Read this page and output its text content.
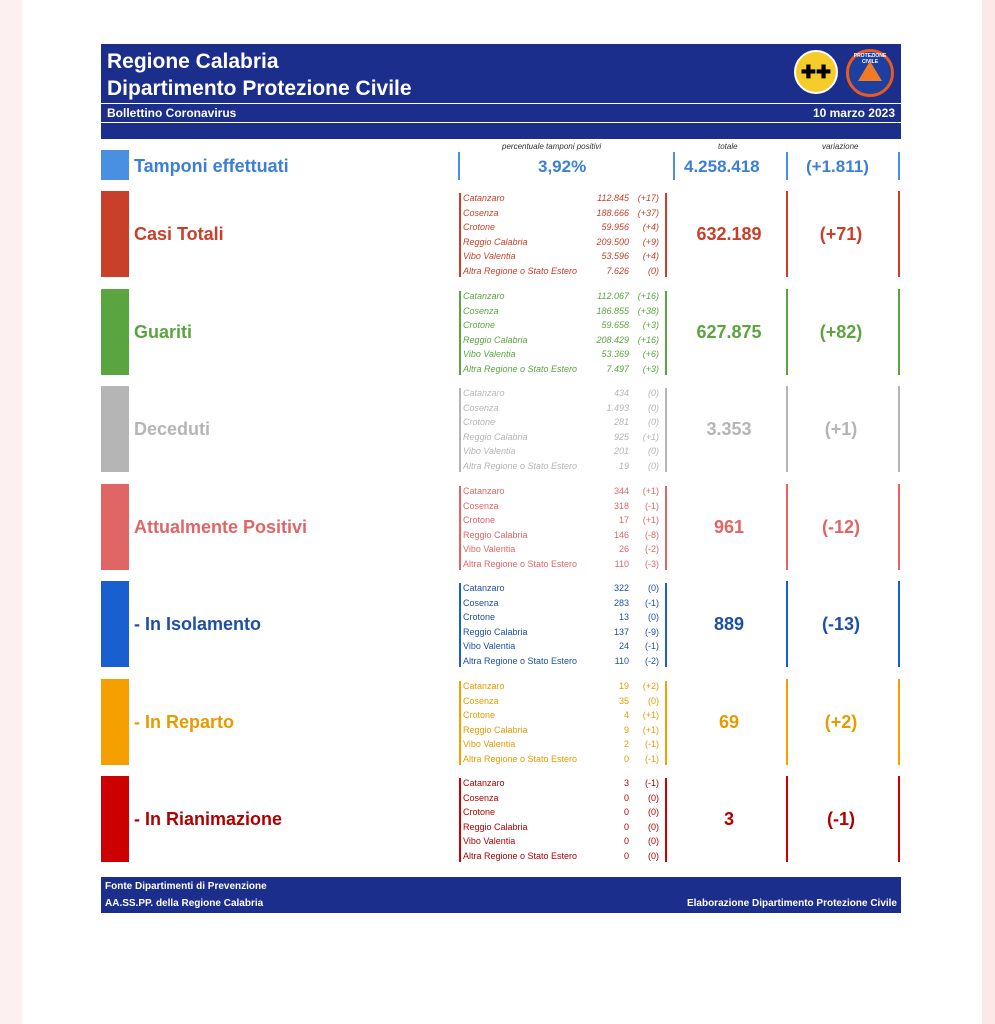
Regione Calabria
Dipartimento Protezione Civile
Bollettino Coronavirus	10 marzo 2023
✚✚
PROTEZIONE CIVILE
Tamponi effettuati
percentuale tamponi positivi	totale	variazione
3,92%	4.258.418	(+1.811)
Casi Totali
Catanzaro	112.845 (+17)
Cosenza	188.666 (+37)
Crotone	59.956 (+4)
Reggio Calabria	209.500 (+9)
Vibo Valentia	53.596 (+4)
Altra Regione o Stato Estero	7.626 (0)
632.189	(+71)
Guariti
Catanzaro	112.067 (+16)
Cosenza	186.855 (+38)
Crotone	59.658 (+3)
Reggio Calabria	208.429 (+16)
Vibo Valentia	53.369 (+6)
Altra Regione o Stato Estero	7.497 (+3)
627.875	(+82)
Deceduti
Catanzaro	434 (0)
Cosenza	1.493 (0)
Crotone	281 (0)
Reggio Calabria	925 (+1)
Vibo Valentia	201 (0)
Altra Regione o Stato Estero	19 (0)
3.353	(+1)
Attualmente Positivi
Catanzaro	344 (+1)
Cosenza	318 (-1)
Crotone	17 (+1)
Reggio Calabria	146 (-8)
Vibo Valentia	26 (-2)
Altra Regione o Stato Estero	110 (-3)
961	(-12)
- In Isolamento
Catanzaro	322 (0)
Cosenza	283 (-1)
Crotone	13 (0)
Reggio Calabria	137 (-9)
Vibo Valentia	24 (-1)
Altra Regione o Stato Estero	110 (-2)
889	(-13)
- In Reparto
Catanzaro	19 (+2)
Cosenza	35 (0)
Crotone	4 (+1)
Reggio Calabria	9 (+1)
Vibo Valentia	2 (-1)
Altra Regione o Stato Estero	0 (-1)
69	(+2)
- In Rianimazione
Catanzaro	3 (-1)
Cosenza	0 (0)
Crotone	0 (0)
Reggio Calabria	0 (0)
Vibo Valentia	0 (0)
Altra Regione o Stato Estero	0 (0)
3	(-1)
Fonte Dipartimenti di Prevenzione
AA.SS.PP. della Regione Calabria	Elaborazione Dipartimento Protezione Civile
